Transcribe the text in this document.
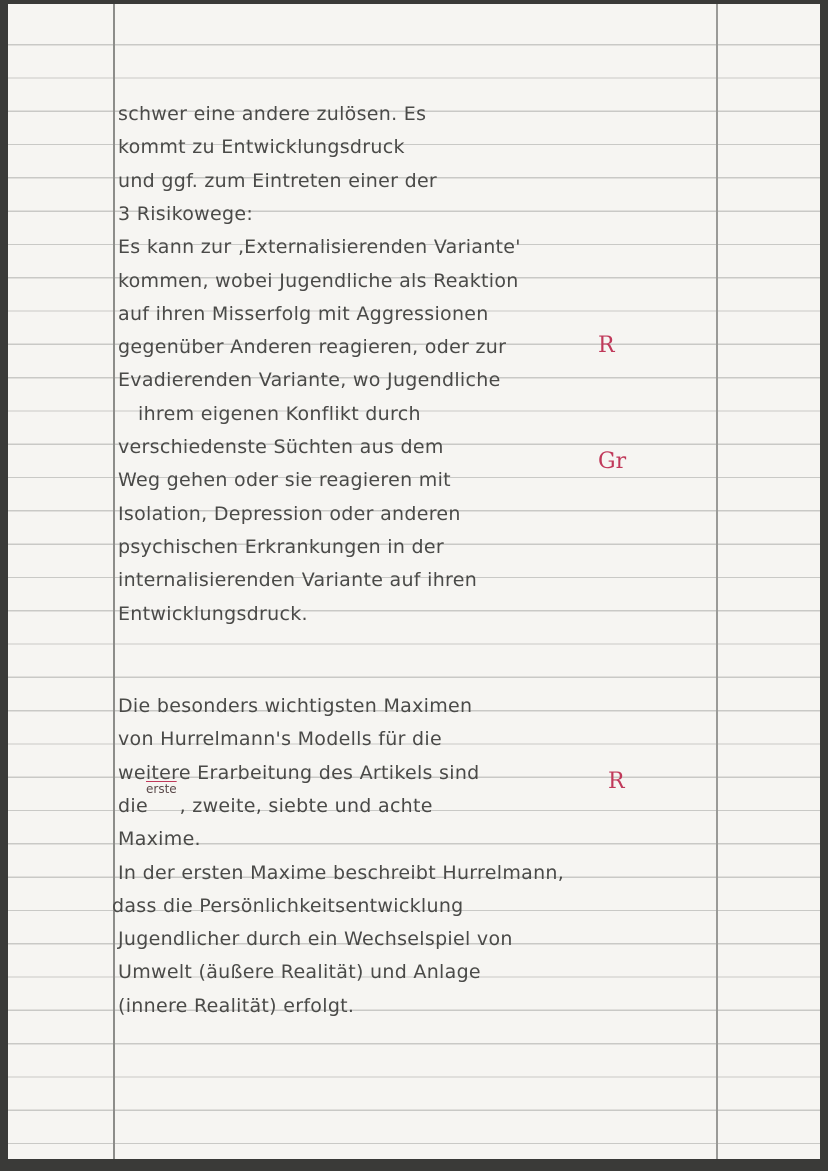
schwer eine andere zulösen. Es
kommt zu Entwicklungsdruck
und ggf. zum Eintreten einer der
3 Risikowege:
Es kann zur ‚Externalisierenden Variante'
kommen, wobei Jugendliche als Reaktion
auf ihren Misserfolg mit Aggressionen
gegenüber Anderen reagieren, oder zur
Evadierenden Variante, wo Jugendliche
ihrem eigenen Konflikt durch
verschiedenste Süchten aus dem
Weg gehen oder sie reagieren mit
Isolation, Depression oder anderen
psychischen Erkrankungen in der
internalisierenden Variante auf ihren
Entwicklungsdruck.
Die besonders wichtigsten Maximen
von Hurrelmann's Modells für die
weitere Erarbeitung des Artikels sind
die     , zweite, siebte und achte
Maxime.
In der ersten Maxime beschreibt Hurrelmann,
dass die Persönlichkeitsentwicklung
Jugendlicher durch ein Wechselspiel von
Umwelt (äußere Realität) und Anlage
(innere Realität) erfolgt.
erste
R
Gr
R
